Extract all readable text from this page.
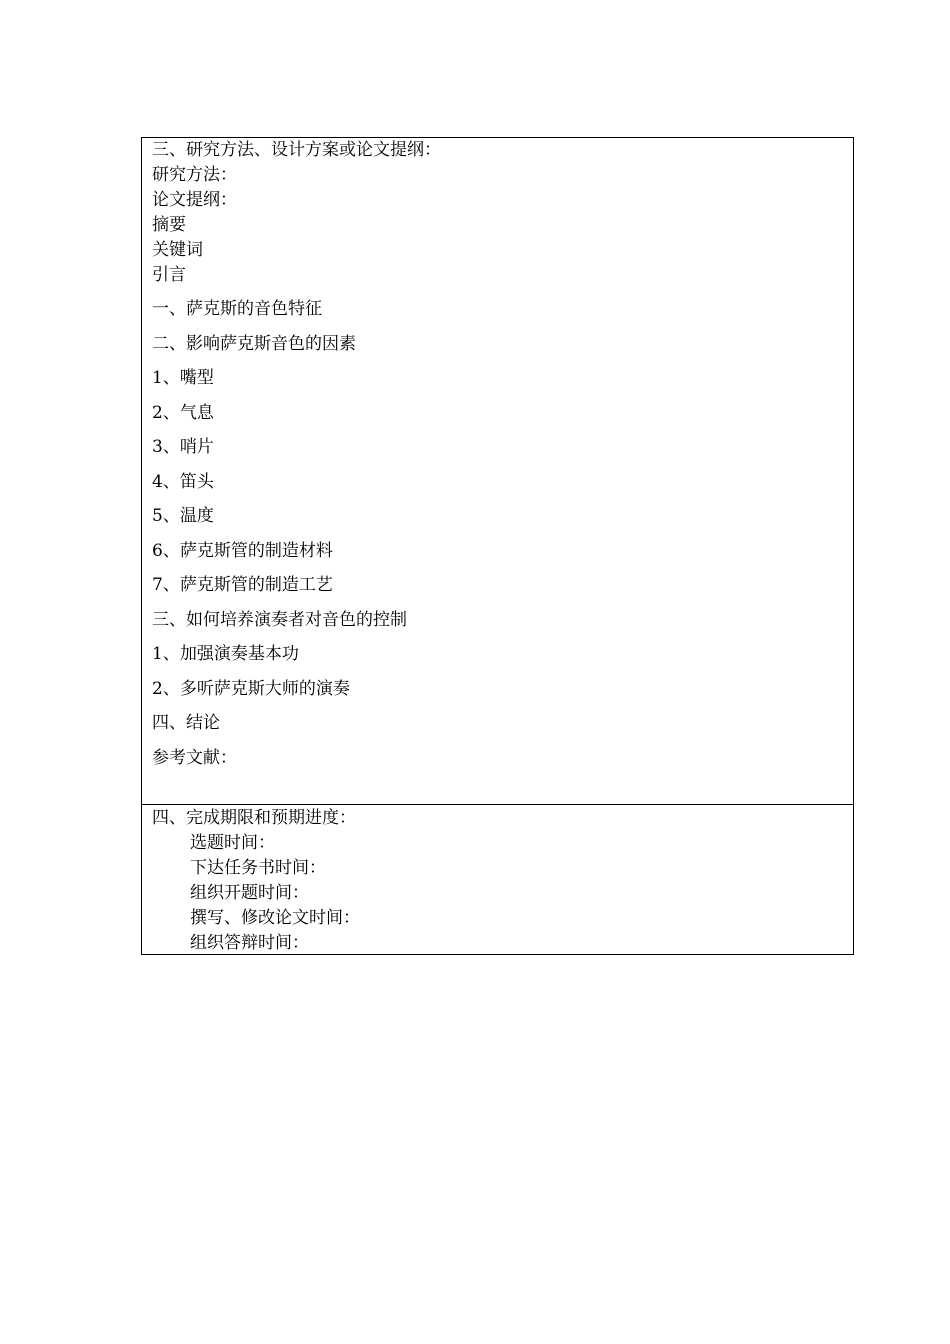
三、研究方法、设计方案或论文提纲：
研究方法：
论文提纲：
摘要
关键词
引言
一、萨克斯的音色特征
二、影响萨克斯音色的因素
1、嘴型
2、气息
3、哨片
4、笛头
5、温度
6、萨克斯管的制造材料
7、萨克斯管的制造工艺
三、如何培养演奏者对音色的控制
1、加强演奏基本功
2、多听萨克斯大师的演奏
四、结论
参考文献：
四、完成期限和预期进度：
选题时间：
下达任务书时间：
组织开题时间：
撰写、修改论文时间：
组织答辩时间：
